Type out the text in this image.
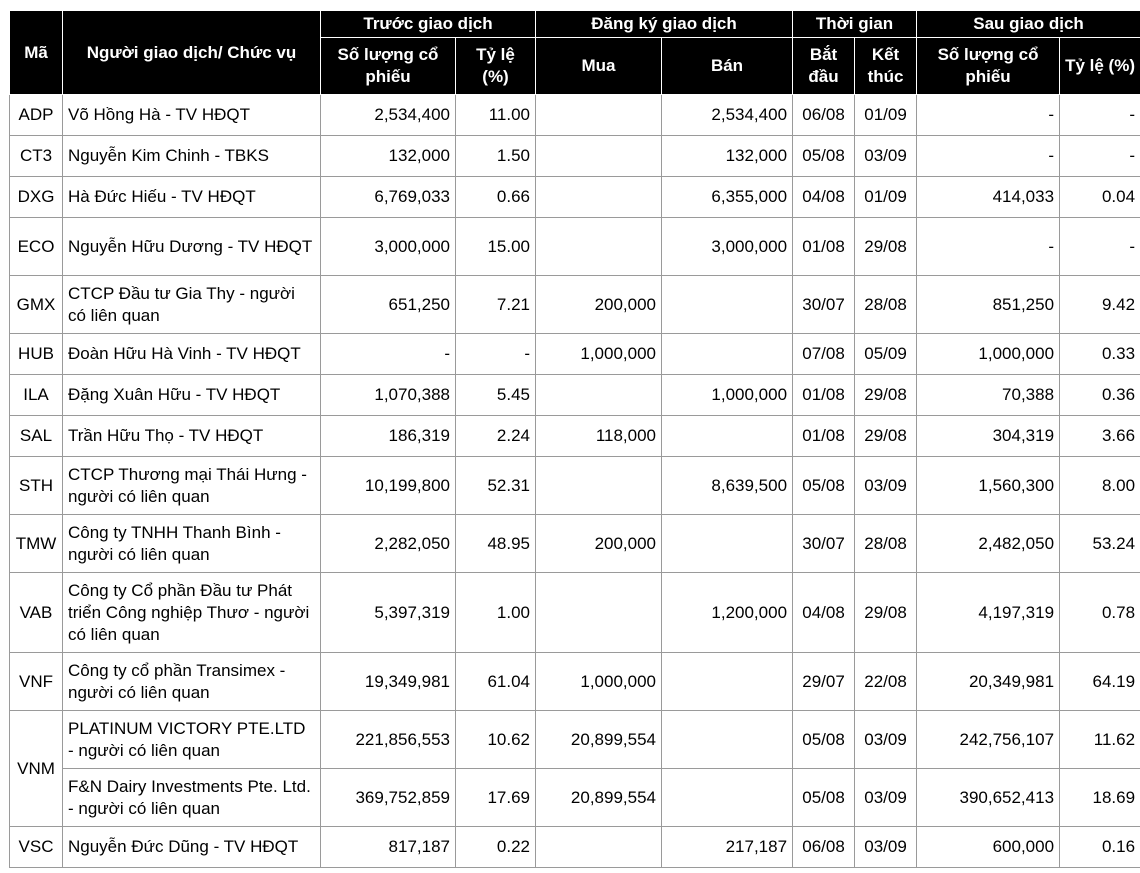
Mã	Người giao dịch/ Chức vụ	Trước giao dịch		Đăng ký giao dịch		Thời gian		Sau giao dịch	
		Số lượng cổ phiếu	Tỷ lệ (%)	Mua	Bán	Bắt đầu	Kết thúc	Số lượng cổ phiếu	Tỷ lệ (%)
ADP	Võ Hồng Hà - TV HĐQT	2,534,400	11.00		2,534,400	06/08	01/09	-	-
CT3	Nguyễn Kim Chinh - TBKS	132,000	1.50		132,000	05/08	03/09	-	-
DXG	Hà Đức Hiếu - TV HĐQT	6,769,033	0.66		6,355,000	04/08	01/09	414,033	0.04
ECO	Nguyễn Hữu Dương - TV HĐQT	3,000,000	15.00		3,000,000	01/08	29/08	-	-
GMX	CTCP Đầu tư Gia Thy - người có liên quan	651,250	7.21	200,000		30/07	28/08	851,250	9.42
HUB	Đoàn Hữu Hà Vinh - TV HĐQT	-	-	1,000,000		07/08	05/09	1,000,000	0.33
ILA	Đặng Xuân Hữu - TV HĐQT	1,070,388	5.45		1,000,000	01/08	29/08	70,388	0.36
SAL	Trần Hữu Thọ - TV HĐQT	186,319	2.24	118,000		01/08	29/08	304,319	3.66
STH	CTCP Thương mại Thái Hưng - người có liên quan	10,199,800	52.31		8,639,500	05/08	03/09	1,560,300	8.00
TMW	Công ty TNHH Thanh Bình - người có liên quan	2,282,050	48.95	200,000		30/07	28/08	2,482,050	53.24
VAB	Công ty Cổ phần Đầu tư Phát triển Công nghiệp Thươ - người có liên quan	5,397,319	1.00		1,200,000	04/08	29/08	4,197,319	0.78
VNF	Công ty cổ phần Transimex - người có liên quan	19,349,981	61.04	1,000,000		29/07	22/08	20,349,981	64.19
VNM	PLATINUM VICTORY PTE.LTD - người có liên quan	221,856,553	10.62	20,899,554		05/08	03/09	242,756,107	11.62
	F&N Dairy Investments Pte. Ltd. - người có liên quan	369,752,859	17.69	20,899,554		05/08	03/09	390,652,413	18.69
VSC	Nguyễn Đức Dũng - TV HĐQT	817,187	0.22		217,187	06/08	03/09	600,000	0.16
